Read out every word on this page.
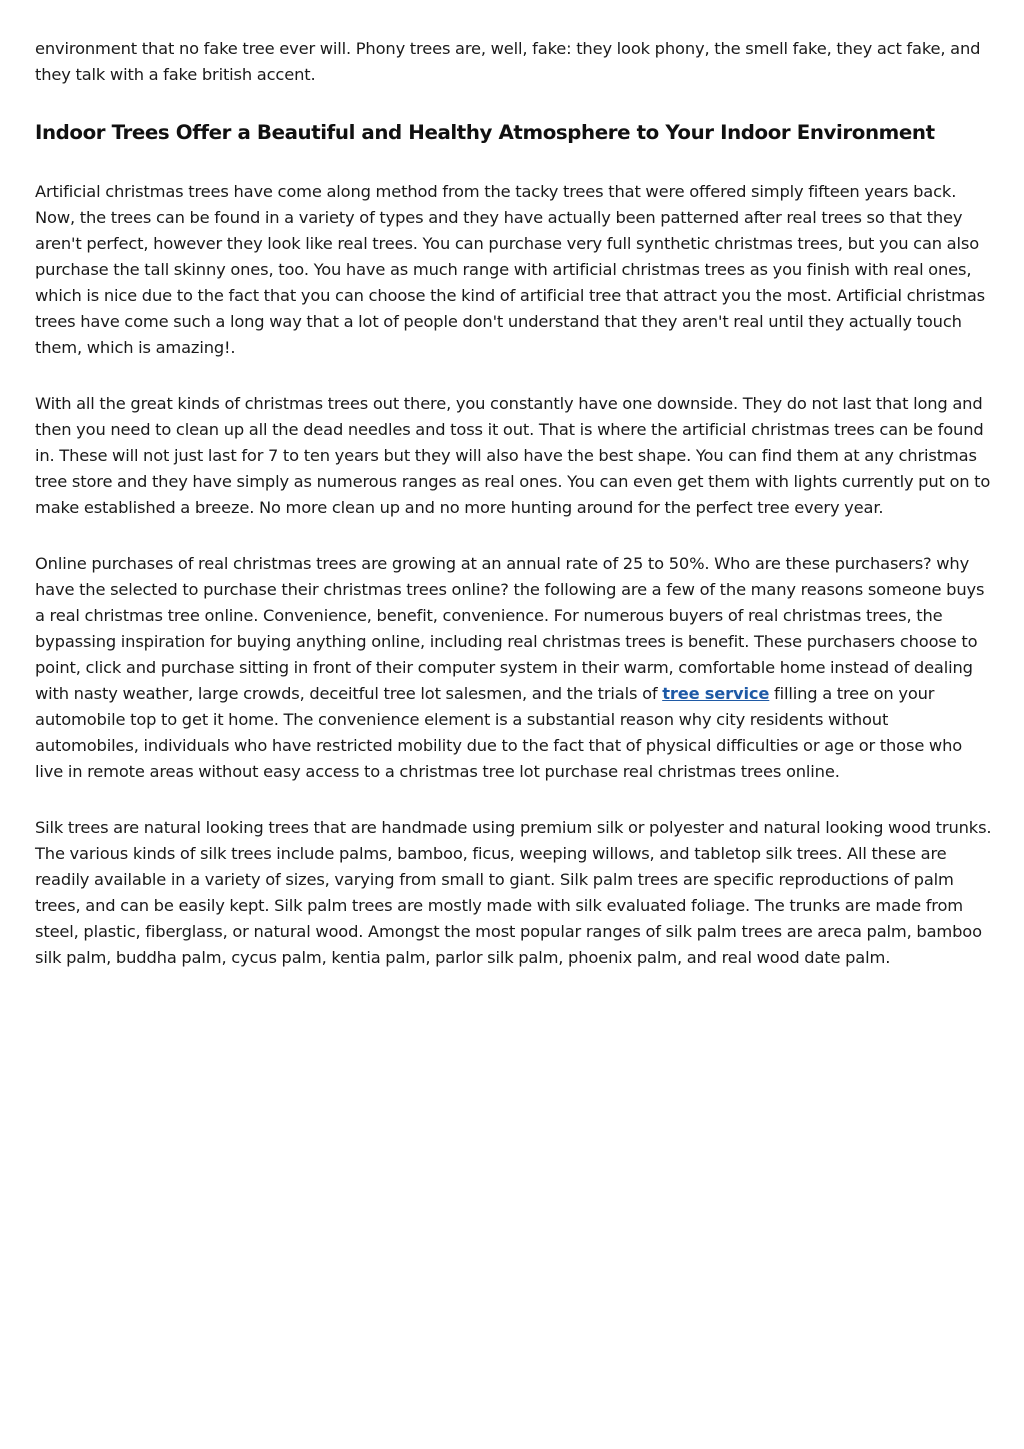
environment that no fake tree ever will. Phony trees are, well, fake: they look phony, the smell fake, they act fake, and they talk with a fake british accent.

Indoor Trees Offer a Beautiful and Healthy Atmosphere to Your Indoor Environment

Artificial christmas trees have come along method from the tacky trees that were offered simply fifteen years back. Now, the trees can be found in a variety of types and they have actually been patterned after real trees so that they aren't perfect, however they look like real trees. You can purchase very full synthetic christmas trees, but you can also purchase the tall skinny ones, too. You have as much range with artificial christmas trees as you finish with real ones, which is nice due to the fact that you can choose the kind of artificial tree that attract you the most. Artificial christmas trees have come such a long way that a lot of people don't understand that they aren't real until they actually touch them, which is amazing!.

With all the great kinds of christmas trees out there, you constantly have one downside. They do not last that long and then you need to clean up all the dead needles and toss it out. That is where the artificial christmas trees can be found in. These will not just last for 7 to ten years but they will also have the best shape. You can find them at any christmas tree store and they have simply as numerous ranges as real ones. You can even get them with lights currently put on to make established a breeze. No more clean up and no more hunting around for the perfect tree every year.

Online purchases of real christmas trees are growing at an annual rate of 25 to 50%. Who are these purchasers? why have the selected to purchase their christmas trees online? the following are a few of the many reasons someone buys a real christmas tree online. Convenience, benefit, convenience. For numerous buyers of real christmas trees, the bypassing inspiration for buying anything online, including real christmas trees is benefit. These purchasers choose to point, click and purchase sitting in front of their computer system in their warm, comfortable home instead of dealing with nasty weather, large crowds, deceitful tree lot salesmen, and the trials of tree service filling a tree on your automobile top to get it home. The convenience element is a substantial reason why city residents without automobiles, individuals who have restricted mobility due to the fact that of physical difficulties or age or those who live in remote areas without easy access to a christmas tree lot purchase real christmas trees online.

Silk trees are natural looking trees that are handmade using premium silk or polyester and natural looking wood trunks. The various kinds of silk trees include palms, bamboo, ficus, weeping willows, and tabletop silk trees. All these are readily available in a variety of sizes, varying from small to giant. Silk palm trees are specific reproductions of palm trees, and can be easily kept. Silk palm trees are mostly made with silk evaluated foliage. The trunks are made from steel, plastic, fiberglass, or natural wood. Amongst the most popular ranges of silk palm trees are areca palm, bamboo silk palm, buddha palm, cycus palm, kentia palm, parlor silk palm, phoenix palm, and real wood date palm.
